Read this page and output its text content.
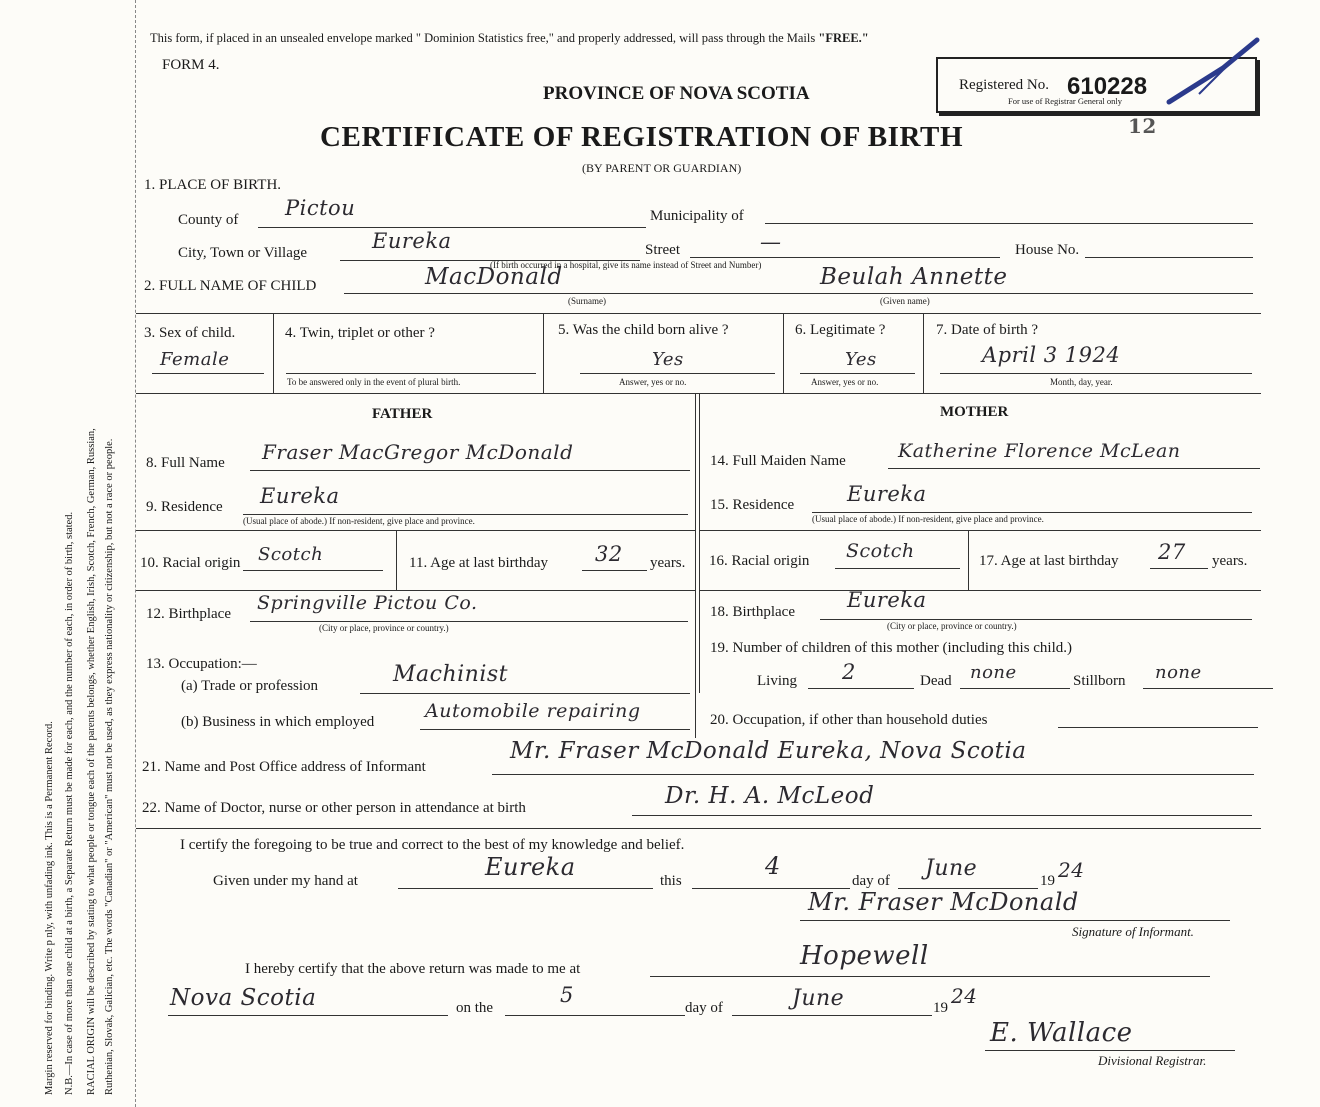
Margin reserved for binding. Write p nly, with unfading ink. This is a Permanent Record. N.B.—In case of more than one child at a birth, a Separate Return must be made for each, and the number of each, in order of birth, stated. RACIAL ORIGIN will be described by stating to what people or tongue each of the parents belongs, whether English, Irish, Scotch, French, German, Russian, Ruthenian, Slovak, Galician, etc. The words "Canadian" or "American" must not be used, as they express nationality or citizenship, but not a race or people.
This form, if placed in an unsealed envelope marked " Dominion Statistics free," and properly addressed, will pass through the Mails "FREE."
FORM 4.
PROVINCE OF NOVA SCOTIA
CERTIFICATE OF REGISTRATION OF BIRTH
(BY PARENT OR GUARDIAN)
Registered No. 610228
For use of Registrar General only
12
1. PLACE OF BIRTH.
County of Pictou	Municipality of
City, Town or Village	Eureka	Street	—	House No.
(If birth occurred in a hospital, give its name instead of Street and Number)
2. FULL NAME OF CHILD	MacDonald
(Surname)
Beulah Annette
(Given name)
3. Sex of child.
Female
4. Twin, triplet or other ?
To be answered only in the event of plural birth.
5. Was the child born alive ?
Yes
Answer, yes or no.
6. Legitimate ?
Yes
Answer, yes or no.
7. Date of birth ?
April 3 1924
Month, day, year.
FATHER	MOTHER
8. Full Name Fraser MacGregor McDonald
9. Residence Eureka
(Usual place of abode.) If non-resident, give place and province.
10. Racial origin Scotch	11. Age at last birthday 32 years.
12. Birthplace Springville Pictou Co.
(City or place, province or country.)
13. Occupation:—
(a) Trade or profession	Machinist
(b) Business in which employed	Automobile repairing
14. Full Maiden Name	Katherine Florence McLean
15. Residence	Eureka
(Usual place of abode.) If non-resident, give place and province.
16. Racial origin Scotch	17. Age at last birthday 27 years.
18. Birthplace Eureka
(City or place, province or country.)
19. Number of children of this mother (including this child.)
Living 2	Dead none	Stillborn none
20. Occupation, if other than household duties
21. Name and Post Office address of Informant
Mr. Fraser McDonald Eureka, Nova Scotia
22. Name of Doctor, nurse or other person in attendance at birth	Dr. H. A. McLeod
I certify the foregoing to be true and correct to the best of my knowledge and belief.
Given under my hand at	Eureka	this
4
day of June	19 24
Mr. Fraser McDonald
Signature of Informant.
I hereby certify that the above return was made to me at	Hopewell
Nova Scotia	on the
5
day of	June	19 24
E. Wallace
Divisional Registrar.
